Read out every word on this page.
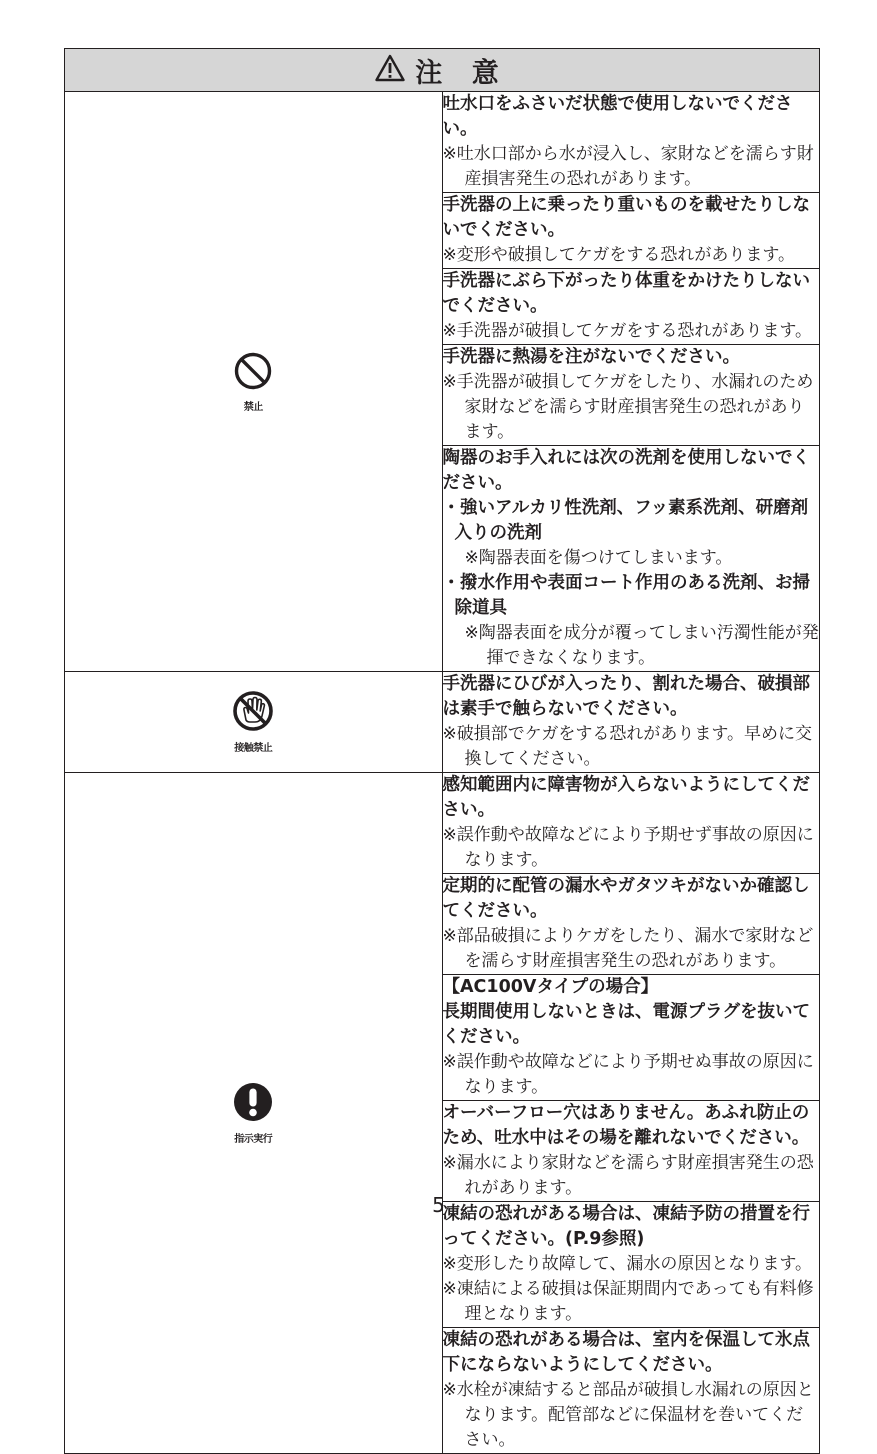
注 意	

禁止	吐水口をふさいだ状態で使用しないでください。
※吐水口部から水が浸入し、家財などを濡らす財産損害発生の恐れがあります。

	手洗器の上に乗ったり重いものを載せたりしないでください。
※変形や破損してケガをする恐れがあります。

	手洗器にぶら下がったり体重をかけたりしないでください。
※手洗器が破損してケガをする恐れがあります。

	手洗器に熱湯を注がないでください。
※手洗器が破損してケガをしたり、水漏れのため家財などを濡らす財産損害発生の恐れがあります。

	陶器のお手入れには次の洗剤を使用しないでください。
・強いアルカリ性洗剤、フッ素系洗剤、研磨剤入りの洗剤
※陶器表面を傷つけてしまいます。
・撥水作用や表面コート作用のある洗剤、お掃除道具
※陶器表面を成分が覆ってしまい汚濁性能が発揮できなくなります。

接触禁止	手洗器にひびが入ったり、割れた場合、破損部は素手で触らないでください。
※破損部でケガをする恐れがあります。早めに交換してください。

指示実行	感知範囲内に障害物が入らないようにしてください。
※誤作動や故障などにより予期せず事故の原因になります。

	定期的に配管の漏水やガタツキがないか確認してください。
※部品破損によりケガをしたり、漏水で家財などを濡らす財産損害発生の恐れがあります。

	【AC100Vタイプの場合】
長期間使用しないときは、電源プラグを抜いてください。
※誤作動や故障などにより予期せぬ事故の原因になります。

	オーバーフロー穴はありません。あふれ防止のため、吐水中はその場を離れないでください。
※漏水により家財などを濡らす財産損害発生の恐れがあります。

	凍結の恐れがある場合は、凍結予防の措置を行ってください。(P.9参照)
※変形したり故障して、漏水の原因となります。
※凍結による破損は保証期間内であっても有料修理となります。

	凍結の恐れがある場合は、室内を保温して氷点下にならないようにしてください。
※水栓が凍結すると部品が破損し水漏れの原因となります。配管部などに保温材を巻いてください。
5
